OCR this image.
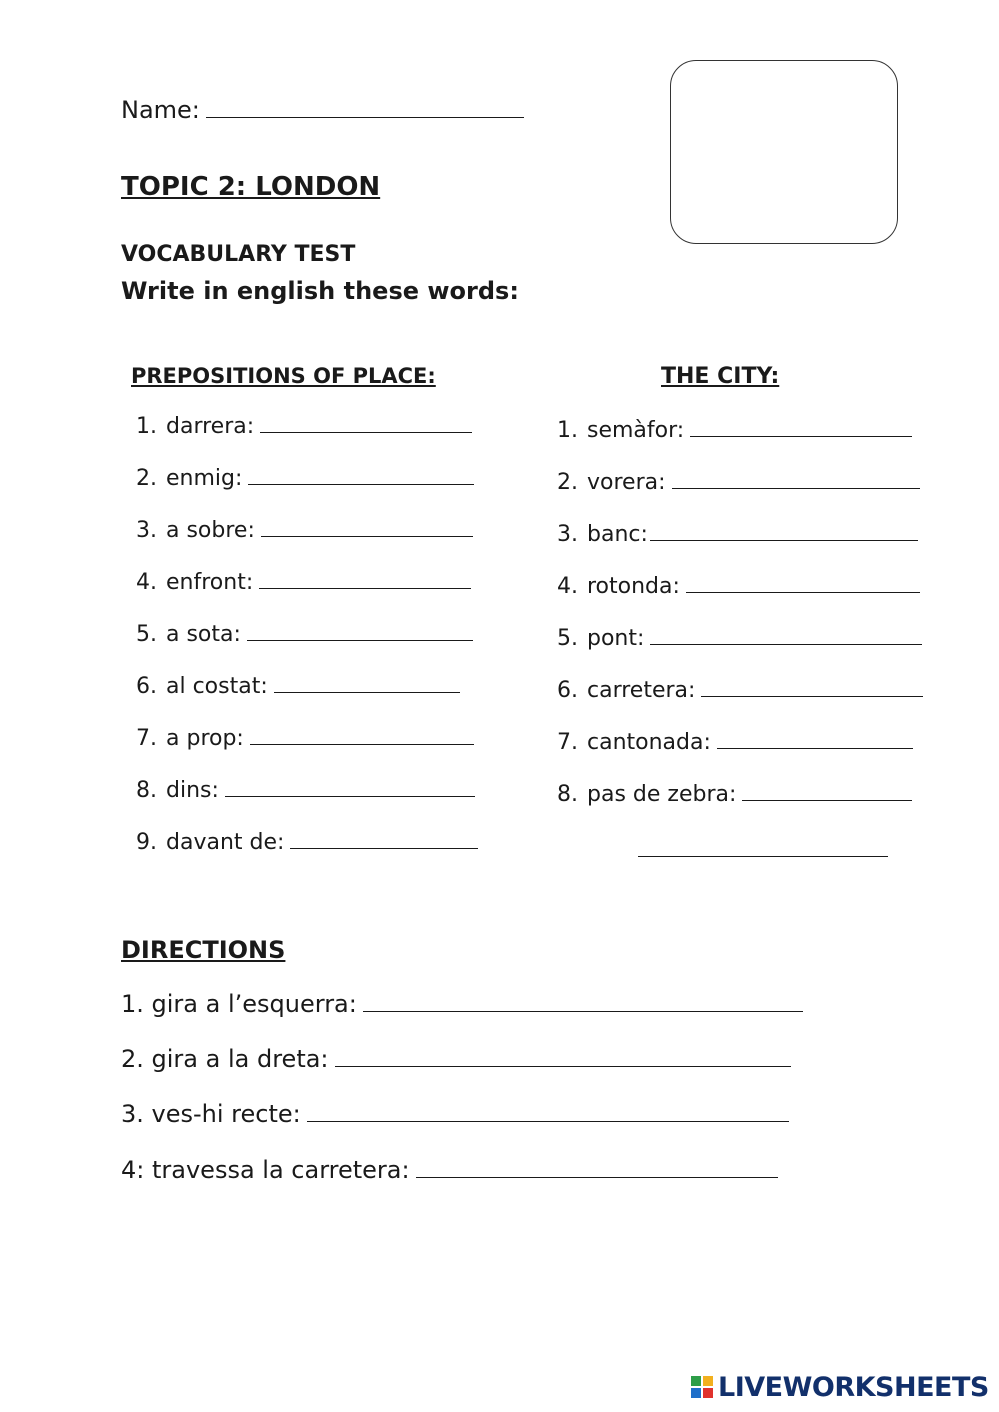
Name:
TOPIC 2: LONDON
VOCABULARY TEST
Write in english these words:
PREPOSITIONS OF PLACE:
1. darrera:
2. enmig:
3. a sobre:
4. enfront:
5. a sota:
6. al costat:
7. a prop:
8. dins:
9. davant de:
THE CITY:
1. semàfor:
2. vorera:
3. banc:
4. rotonda:
5. pont:
6. carretera:
7. cantonada:
8. pas de zebra:
DIRECTIONS
1. gira a l’esquerra:
2. gira a la dreta:
3. ves-hi recte:
4: travessa la carretera:
LIVEWORKSHEETS
